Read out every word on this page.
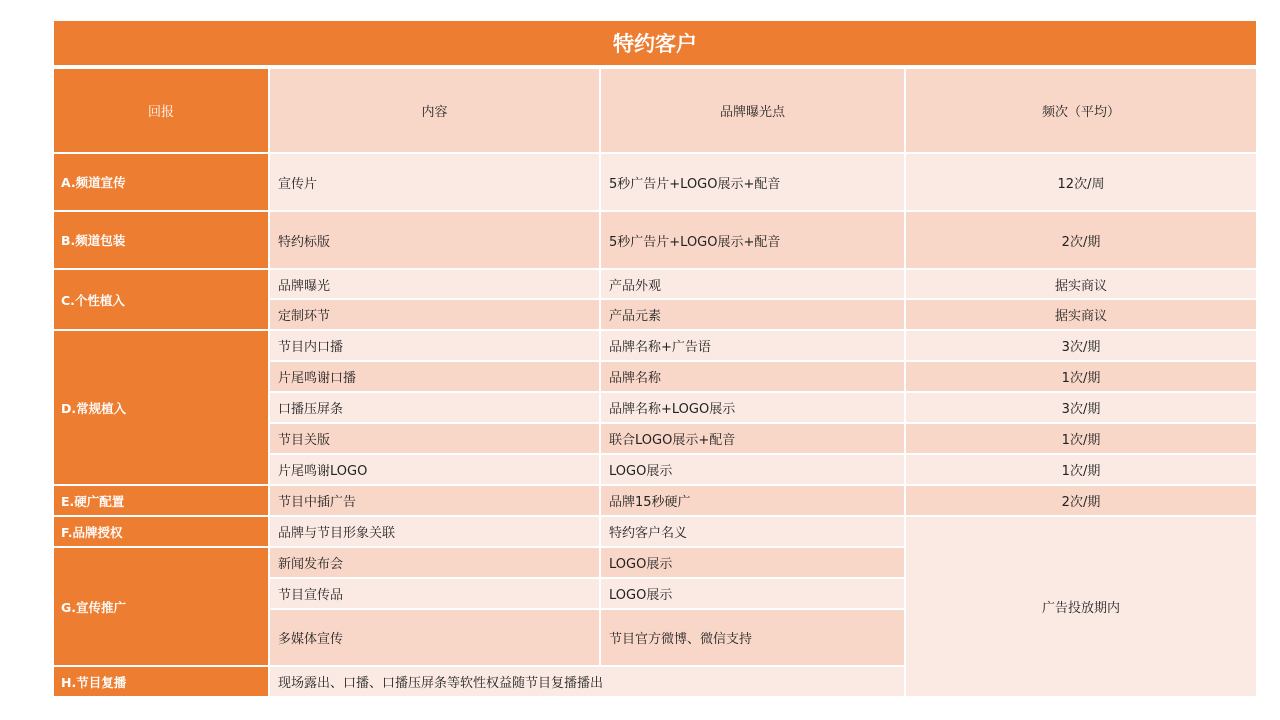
特约客户			
回报	内容	品牌曝光点	频次（平均）
A.频道宣传	宣传片	5秒广告片+LOGO展示+配音	12次/周
B.频道包装	特约标版	5秒广告片+LOGO展示+配音	2次/期
C.个性植入	品牌曝光	产品外观	据实商议
	定制环节	产品元素	据实商议
D.常规植入	节目内口播	品牌名称+广告语	3次/期
	片尾鸣谢口播	品牌名称	1次/期
	口播压屏条	品牌名称+LOGO展示	3次/期
	节目关版	联合LOGO展示+配音	1次/期
	片尾鸣谢LOGO	LOGO展示	1次/期
E.硬广配置	节目中插广告	品牌15秒硬广	2次/期
F.品牌授权	品牌与节目形象关联	特约客户名义	广告投放期内
G.宣传推广	新闻发布会	LOGO展示	
	节目宣传品	LOGO展示	
	多媒体宣传	节目官方微博、微信支持	
H.节目复播	现场露出、口播、口播压屏条等软性权益随节目复播播出		
